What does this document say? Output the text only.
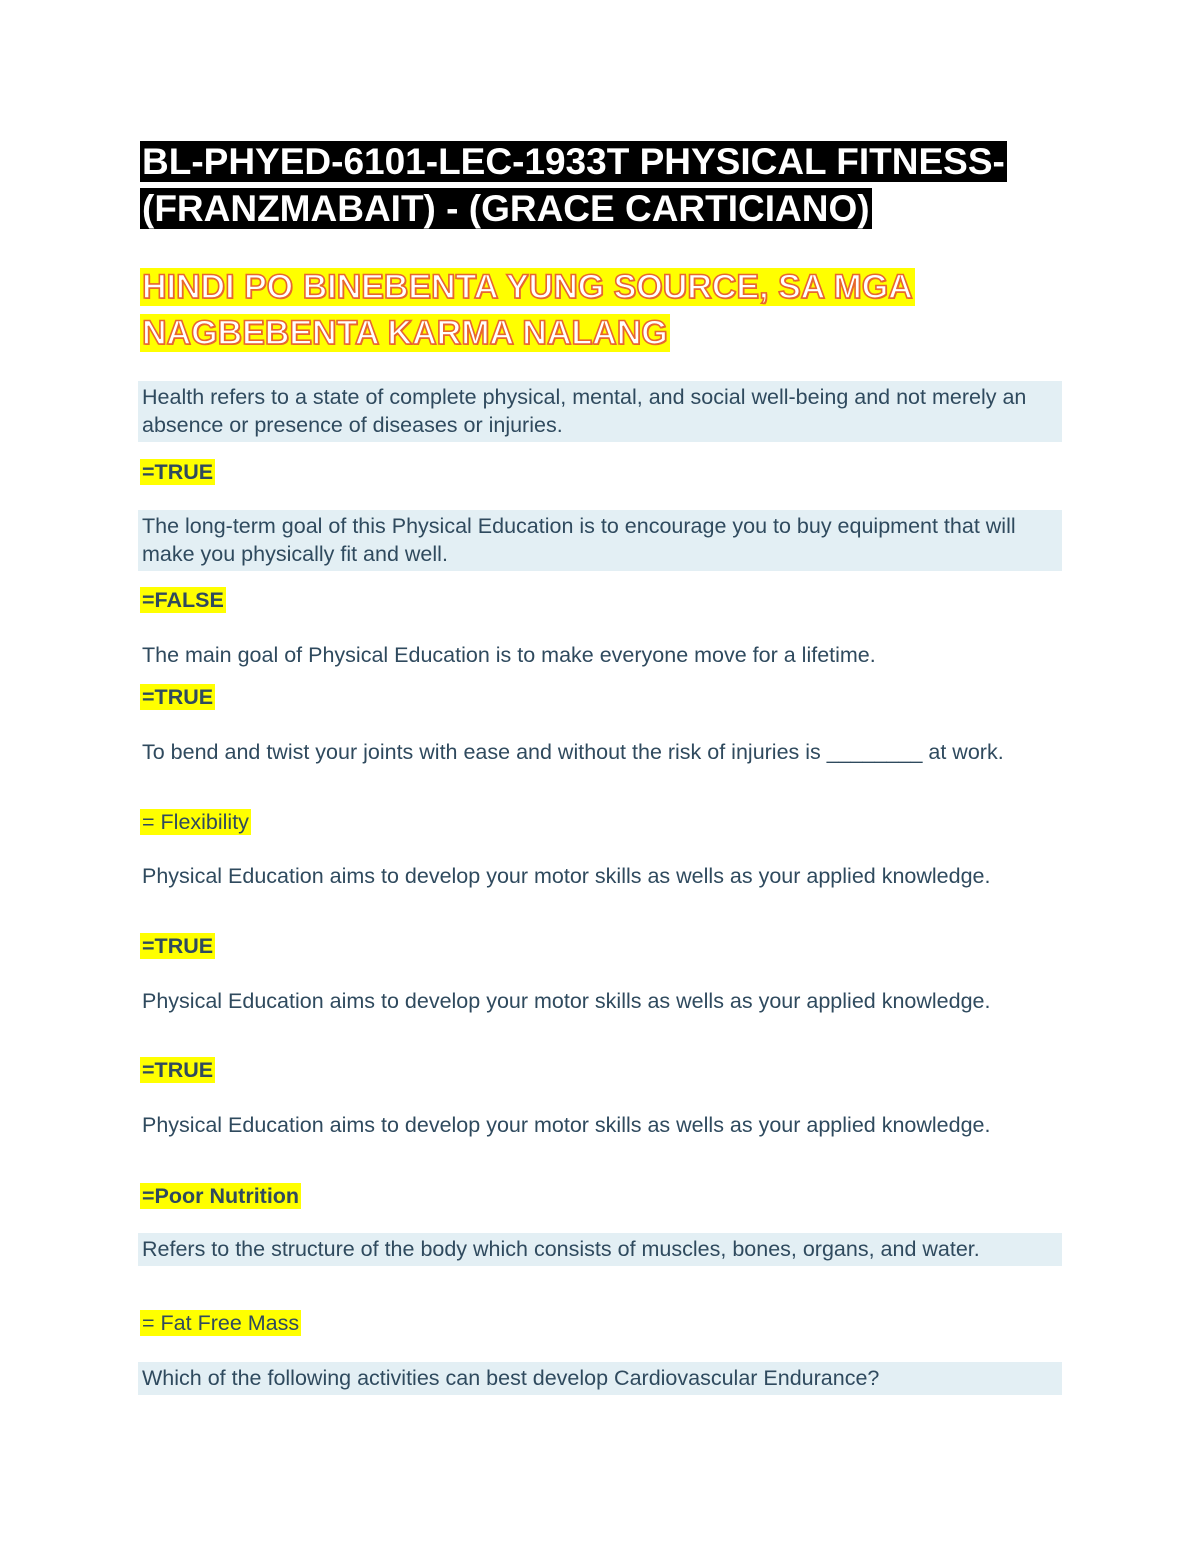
BL-PHYED-6101-LEC-1933T PHYSICAL FITNESS-(FRANZMABAIT) - (GRACE CARTICIANO)
HINDI PO BINEBENTA YUNG SOURCE, SA MGA NAGBEBENTA KARMA NALANG
Health refers to a state of complete physical, mental, and social well-being and not merely an absence or presence of diseases or injuries.
=TRUE
The long-term goal of this Physical Education is to encourage you to buy equipment that will make you physically fit and well.
=FALSE
The main goal of Physical Education is to make everyone move for a lifetime.
=TRUE
To bend and twist your joints with ease and without the risk of injuries is ________ at work.
= Flexibility
Physical Education aims to develop your motor skills as wells as your applied knowledge.
=TRUE
Physical Education aims to develop your motor skills as wells as your applied knowledge.
=TRUE
Physical Education aims to develop your motor skills as wells as your applied knowledge.
=Poor Nutrition
Refers to the structure of the body which consists of muscles, bones, organs, and water.
= Fat Free Mass
Which of the following activities can best develop Cardiovascular Endurance?
